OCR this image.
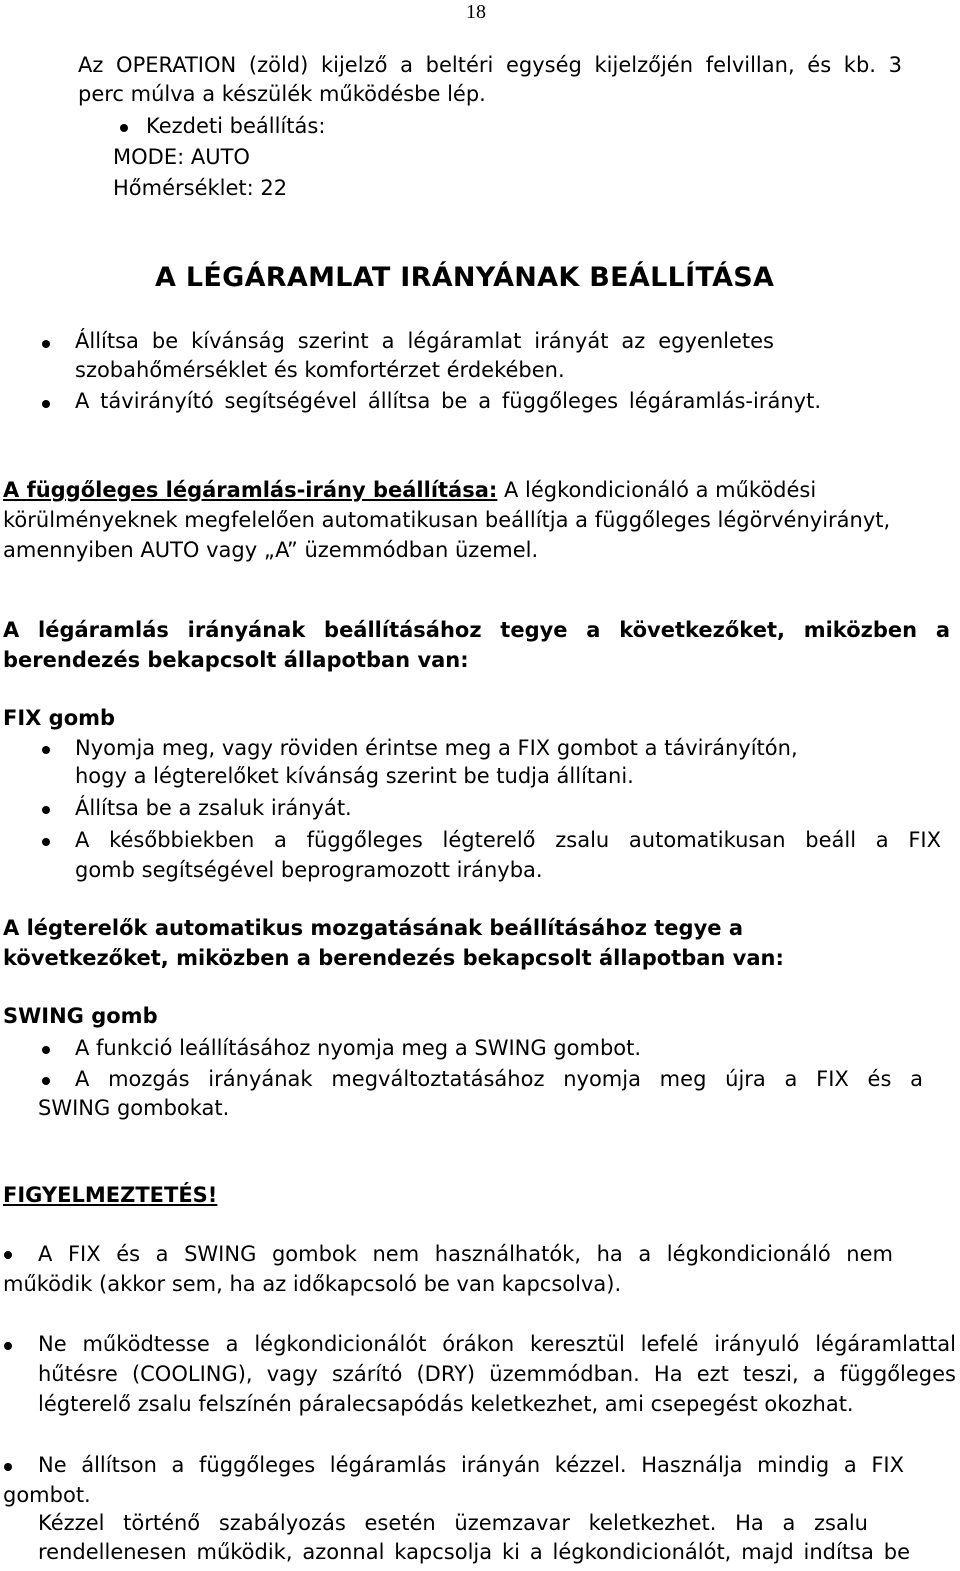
18
Az OPERATION (zöld) kijelző a beltéri egység kijelzőjén felvillan, és kb. 3
perc múlva a készülék működésbe lép.
Kezdeti beállítás:
MODE: AUTO
Hőmérséklet: 22
A LÉGÁRAMLAT IRÁNYÁNAK BEÁLLÍTÁSA
Állítsa be kívánság szerint a légáramlat irányát az egyenletes
szobahőmérséklet és komfortérzet érdekében.
A távirányító segítségével állítsa be a függőleges légáramlás-irányt.
A függőleges légáramlás-irány beállítása: A légkondicionáló a működési
körülményeknek megfelelően automatikusan beállítja a függőleges légörvényirányt,
amennyiben AUTO vagy „A” üzemmódban üzemel.
A légáramlás irányának beállításához tegye a következőket, miközben a
berendezés bekapcsolt állapotban van:
FIX gomb
Nyomja meg, vagy röviden érintse meg a FIX gombot a távirányítón,
hogy a légterelőket kívánság szerint be tudja állítani.
Állítsa be a zsaluk irányát.
A későbbiekben a függőleges légterelő zsalu automatikusan beáll a FIX
gomb segítségével beprogramozott irányba.
A légterelők automatikus mozgatásának beállításához tegye a
következőket, miközben a berendezés bekapcsolt állapotban van:
SWING gomb
A funkció leállításához nyomja meg a SWING gombot.
A mozgás irányának megváltoztatásához nyomja meg újra a FIX és a
SWING gombokat.
FIGYELMEZTETÉS!
A FIX és a SWING gombok nem használhatók, ha a légkondicionáló nem
működik (akkor sem, ha az időkapcsoló be van kapcsolva).
Ne működtesse a légkondicionálót órákon keresztül lefelé irányuló légáramlattal
hűtésre (COOLING), vagy szárító (DRY) üzemmódban. Ha ezt teszi, a függőleges
légterelő zsalu felszínén páralecsapódás keletkezhet, ami csepegést okozhat.
Ne állítson a függőleges légáramlás irányán kézzel. Használja mindig a FIX
gombot.
Kézzel történő szabályozás esetén üzemzavar keletkezhet. Ha a zsalu
rendellenesen működik, azonnal kapcsolja ki a légkondicionálót, majd indítsa be
